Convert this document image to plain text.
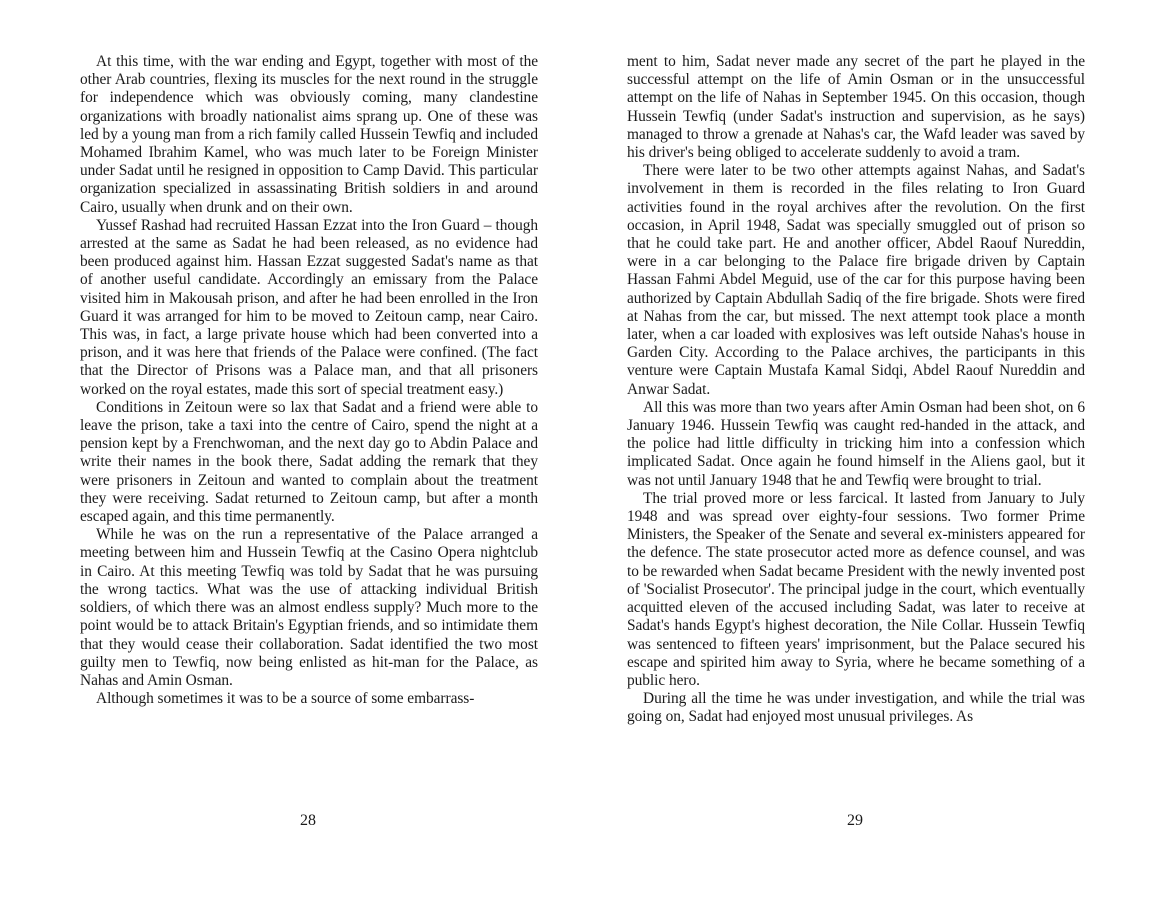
At this time, with the war ending and Egypt, together with most of the other Arab countries, flexing its muscles for the next round in the struggle for independence which was obviously coming, many clandestine organizations with broadly nationalist aims sprang up. One of these was led by a young man from a rich family called Hussein Tewfiq and included Mohamed Ibrahim Kamel, who was much later to be Foreign Minister under Sadat until he resigned in opposition to Camp David. This particular organization specialized in assassinating British soldiers in and around Cairo, usually when drunk and on their own.

Yussef Rashad had recruited Hassan Ezzat into the Iron Guard – though arrested at the same as Sadat he had been released, as no evidence had been produced against him. Hassan Ezzat suggested Sadat's name as that of another useful candidate. Accordingly an emissary from the Palace visited him in Makousah prison, and after he had been enrolled in the Iron Guard it was arranged for him to be moved to Zeitoun camp, near Cairo. This was, in fact, a large private house which had been converted into a prison, and it was here that friends of the Palace were confined. (The fact that the Director of Prisons was a Palace man, and that all prisoners worked on the royal estates, made this sort of special treatment easy.)

Conditions in Zeitoun were so lax that Sadat and a friend were able to leave the prison, take a taxi into the centre of Cairo, spend the night at a pension kept by a Frenchwoman, and the next day go to Abdin Palace and write their names in the book there, Sadat adding the remark that they were prisoners in Zeitoun and wanted to complain about the treatment they were receiving. Sadat returned to Zeitoun camp, but after a month escaped again, and this time permanently.

While he was on the run a representative of the Palace arranged a meeting between him and Hussein Tewfiq at the Casino Opera nightclub in Cairo. At this meeting Tewfiq was told by Sadat that he was pursuing the wrong tactics. What was the use of attacking individual British soldiers, of which there was an almost endless supply? Much more to the point would be to attack Britain's Egyptian friends, and so intimidate them that they would cease their collaboration. Sadat identified the two most guilty men to Tewfiq, now being enlisted as hit-man for the Palace, as Nahas and Amin Osman.

Although sometimes it was to be a source of some embarrass-

28

ment to him, Sadat never made any secret of the part he played in the successful attempt on the life of Amin Osman or in the unsuccessful attempt on the life of Nahas in September 1945. On this occasion, though Hussein Tewfiq (under Sadat's instruction and supervision, as he says) managed to throw a grenade at Nahas's car, the Wafd leader was saved by his driver's being obliged to accelerate suddenly to avoid a tram.

There were later to be two other attempts against Nahas, and Sadat's involvement in them is recorded in the files relating to Iron Guard activities found in the royal archives after the revolution. On the first occasion, in April 1948, Sadat was specially smuggled out of prison so that he could take part. He and another officer, Abdel Raouf Nureddin, were in a car belonging to the Palace fire brigade driven by Captain Hassan Fahmi Abdel Meguid, use of the car for this purpose having been authorized by Captain Abdullah Sadiq of the fire brigade. Shots were fired at Nahas from the car, but missed. The next attempt took place a month later, when a car loaded with explosives was left outside Nahas's house in Garden City. According to the Palace archives, the participants in this venture were Captain Mustafa Kamal Sidqi, Abdel Raouf Nureddin and Anwar Sadat.

All this was more than two years after Amin Osman had been shot, on 6 January 1946. Hussein Tewfiq was caught red-handed in the attack, and the police had little difficulty in tricking him into a confession which implicated Sadat. Once again he found himself in the Aliens gaol, but it was not until January 1948 that he and Tewfiq were brought to trial.

The trial proved more or less farcical. It lasted from January to July 1948 and was spread over eighty-four sessions. Two former Prime Ministers, the Speaker of the Senate and several ex-ministers appeared for the defence. The state prosecutor acted more as defence counsel, and was to be rewarded when Sadat became President with the newly invented post of 'Socialist Prosecutor'. The principal judge in the court, which eventually acquitted eleven of the accused including Sadat, was later to receive at Sadat's hands Egypt's highest decoration, the Nile Collar. Hussein Tewfiq was sentenced to fifteen years' imprisonment, but the Palace secured his escape and spirited him away to Syria, where he became something of a public hero.

During all the time he was under investigation, and while the trial was going on, Sadat had enjoyed most unusual privileges. As

29
